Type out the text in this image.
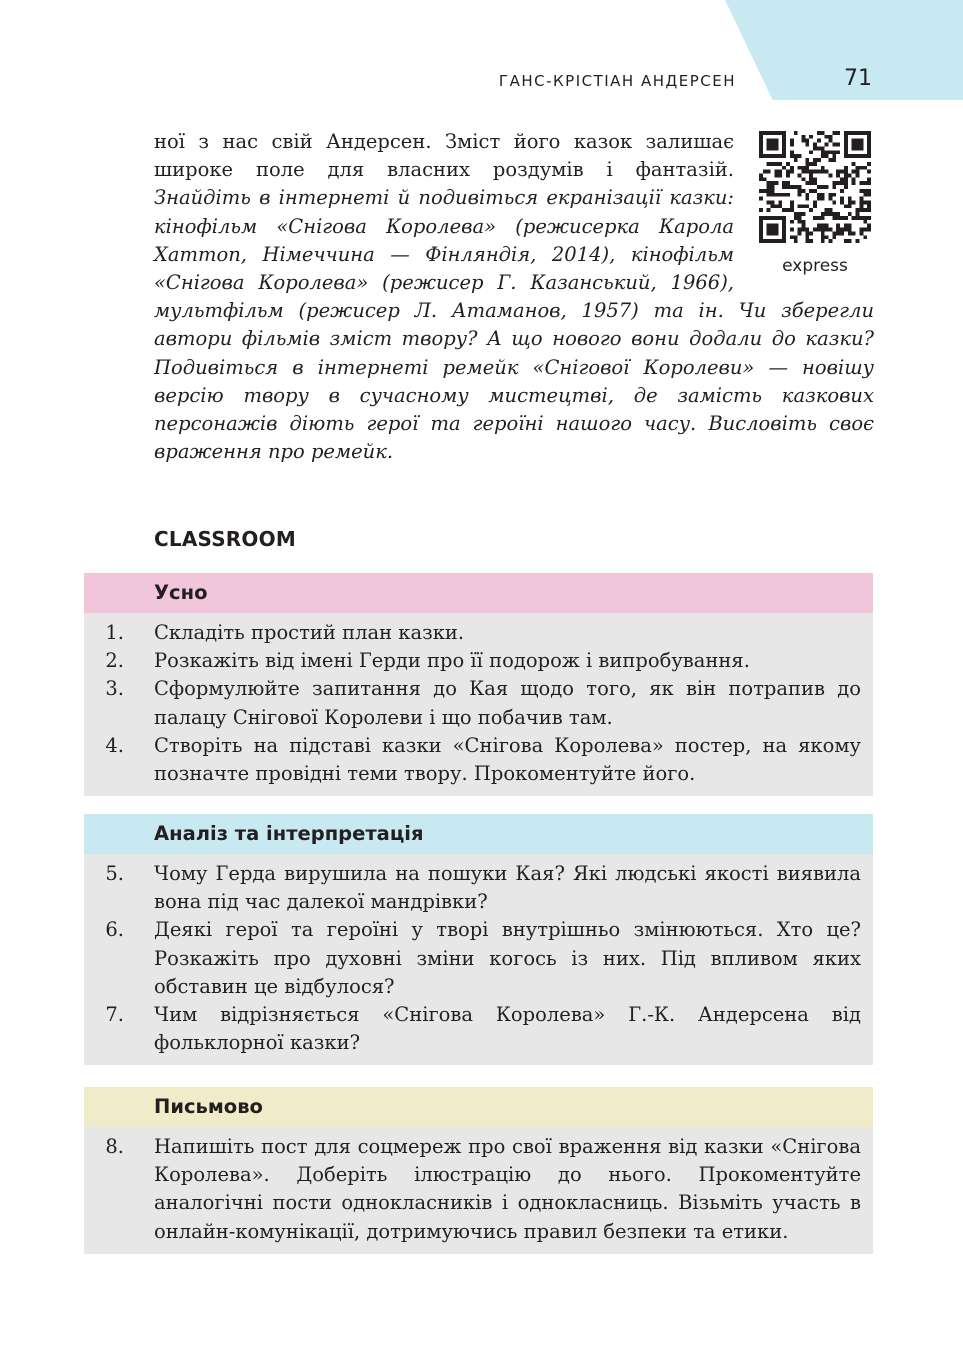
ГАНС-КРІСТІАН АНДЕРСЕН	71

express
ної з нас свій Андерсен. Зміст його казок залишає широке поле для власних роздумів і фантазій. Знайдіть в інтернеті й подивіться екранізації казки: кінофільм «Снігова Королева» (режисерка Карола Хаттоп, Німеччина — Фінляндія, 2014), кінофільм «Снігова Королева» (режисер Г. Казанський, 1966), мультфільм (режисер Л. Атаманов, 1957) та ін. Чи зберегли автори фільмів зміст твору? А що нового вони додали до казки? Подивіться в інтернеті ремейк «Снігової Королеви» — новішу версію твору в сучасному мистецтві, де замість казкових персонажів діють герої та героїні нашого часу. Висловіть своє враження про ремейк.

CLASSROOM
Усно
1. Складіть простий план казки.
2. Розкажіть від імені Герди про її подорож і випробування.
3. Сформулюйте запитання до Кая щодо того, як він потрапив до палацу Снігової Королеви і що побачив там.
4. Створіть на підставі казки «Снігова Королева» постер, на якому позначте провідні теми твору. Прокоментуйте його.
Аналіз та інтерпретація
5. Чому Герда вирушила на пошуки Кая? Які людські якості виявила вона під час далекої мандрівки?
6. Деякі герої та героїні у творі внутрішньо змінюються. Хто це? Розкажіть про духовні зміни когось із них. Під впливом яких обставин це відбулося?
7. Чим відрізняється «Снігова Королева» Г.-К. Андерсена від фольклорної казки?
Письмово
8. Напишіть пост для соцмереж про свої враження від казки «Снігова Королева». Доберіть ілюстрацію до нього. Прокоментуйте аналогічні пости однокласників і однокласниць. Візьміть участь в онлайн-комунікації, дотримуючись правил безпеки та етики.
